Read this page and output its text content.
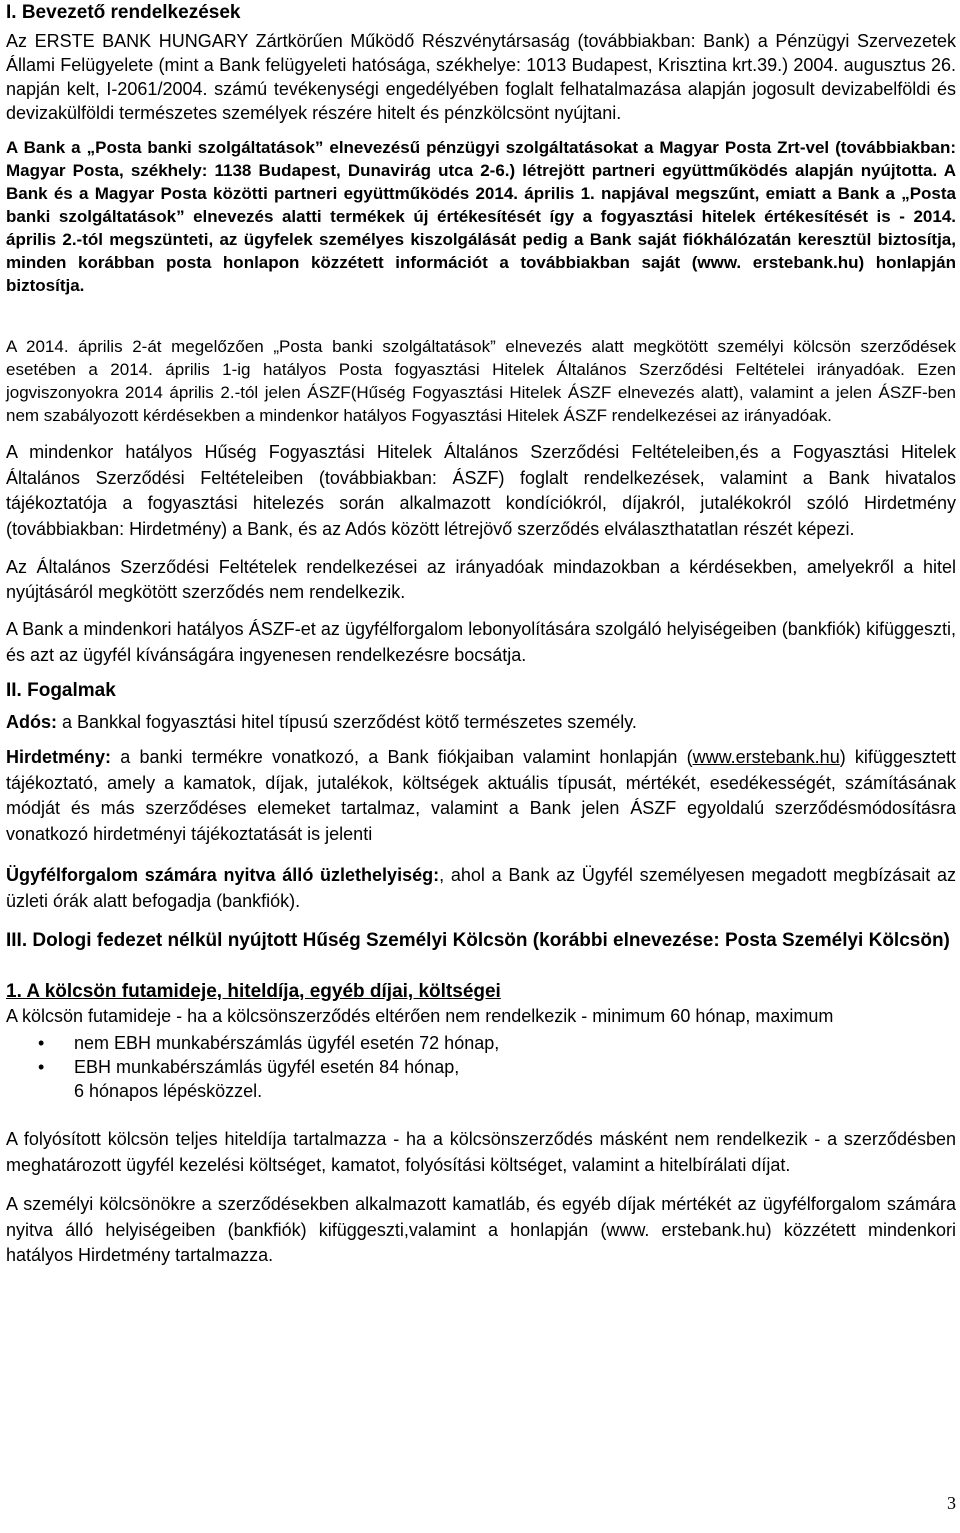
I. Bevezető rendelkezések

Az ERSTE BANK HUNGARY Zártkörűen Működő Részvénytársaság (továbbiakban: Bank) a Pénzügyi Szervezetek Állami Felügyelete (mint a Bank felügyeleti hatósága, székhelye: 1013 Budapest, Krisztina krt.39.) 2004. augusztus 26. napján kelt, I-2061/2004. számú tevékenységi engedélyében foglalt felhatalmazása alapján jogosult devizabelföldi és devizakülföldi természetes személyek részére hitelt és pénzkölcsönt nyújtani.

A Bank a „Posta banki szolgáltatások” elnevezésű pénzügyi szolgáltatásokat a Magyar Posta Zrt-vel (továbbiakban: Magyar Posta, székhely: 1138 Budapest, Dunavirág utca 2-6.) létrejött partneri együttműködés alapján nyújtotta. A Bank és a Magyar Posta közötti partneri együttműködés 2014. április 1. napjával megszűnt, emiatt a Bank a „Posta banki szolgáltatások” elnevezés alatti termékek új értékesítését így a fogyasztási hitelek értékesítését is - 2014. április 2.-tól megszünteti, az ügyfelek személyes kiszolgálását pedig a Bank saját fiókhálózatán keresztül biztosítja, minden korábban posta honlapon közzétett információt a továbbiakban saját (www. erstebank.hu) honlapján biztosítja.

A 2014. április 2-át megelőzően „Posta banki szolgáltatások” elnevezés alatt megkötött személyi kölcsön szerződések esetében a 2014. április 1-ig hatályos Posta fogyasztási Hitelek Általános Szerződési Feltételei irányadóak. Ezen jogviszonyokra 2014 április 2.-tól jelen ÁSZF(Hűség Fogyasztási Hitelek ÁSZF elnevezés alatt), valamint a jelen ÁSZF-ben nem szabályozott kérdésekben a mindenkor hatályos Fogyasztási Hitelek ÁSZF rendelkezései az irányadóak.

A mindenkor hatályos Hűség Fogyasztási Hitelek Általános Szerződési Feltételeiben,és a Fogyasztási Hitelek Általános Szerződési Feltételeiben (továbbiakban: ÁSZF) foglalt rendelkezések, valamint a Bank hivatalos tájékoztatója a fogyasztási hitelezés során alkalmazott kondíciókról, díjakról, jutalékokról szóló Hirdetmény (továbbiakban: Hirdetmény) a Bank, és az Adós között létrejövő szerződés elválaszthatatlan részét képezi.

Az Általános Szerződési Feltételek rendelkezései az irányadóak mindazokban a kérdésekben, amelyekről a hitel nyújtásáról megkötött szerződés nem rendelkezik.

A Bank a mindenkori hatályos ÁSZF-et az ügyfélforgalom lebonyolítására szolgáló helyiségeiben (bankfiók) kifüggeszti, és azt az ügyfél kívánságára ingyenesen rendelkezésre bocsátja.

II. Fogalmak

Adós: a Bankkal fogyasztási hitel típusú szerződést kötő természetes személy.

Hirdetmény: a banki termékre vonatkozó, a Bank fiókjaiban valamint honlapján (www.erstebank.hu) kifüggesztett tájékoztató, amely a kamatok, díjak, jutalékok, költségek aktuális típusát, mértékét, esedékességét, számításának módját és más szerződéses elemeket tartalmaz, valamint a Bank jelen ÁSZF egyoldalú szerződésmódosításra vonatkozó hirdetményi tájékoztatását is jelenti

Ügyfélforgalom számára nyitva álló üzlethelyiség:, ahol a Bank az Ügyfél személyesen megadott megbízásait az üzleti órák alatt befogadja (bankfiók).

III. Dologi fedezet nélkül nyújtott Hűség Személyi Kölcsön (korábbi elnevezése: Posta Személyi Kölcsön)
1. A kölcsön futamideje, hiteldíja, egyéb díjai, költségei

A kölcsön futamideje - ha a kölcsönszerződés eltérően nem rendelkezik - minimum 60 hónap, maximum

• nem EBH munkabérszámlás ügyfél esetén 72 hónap,
• EBH munkabérszámlás ügyfél esetén 84 hónap,
6 hónapos lépésközzel.

A folyósított kölcsön teljes hiteldíja tartalmazza - ha a kölcsönszerződés másként nem rendelkezik - a szerződésben meghatározott ügyfél kezelési költséget, kamatot, folyósítási költséget, valamint a hitelbírálati díjat.

A személyi kölcsönökre a szerződésekben alkalmazott kamatláb, és egyéb díjak mértékét az ügyfélforgalom számára nyitva álló helyiségeiben (bankfiók) kifüggeszti,valamint a honlapján (www. erstebank.hu) közzétett mindenkori hatályos Hirdetmény tartalmazza.

3
